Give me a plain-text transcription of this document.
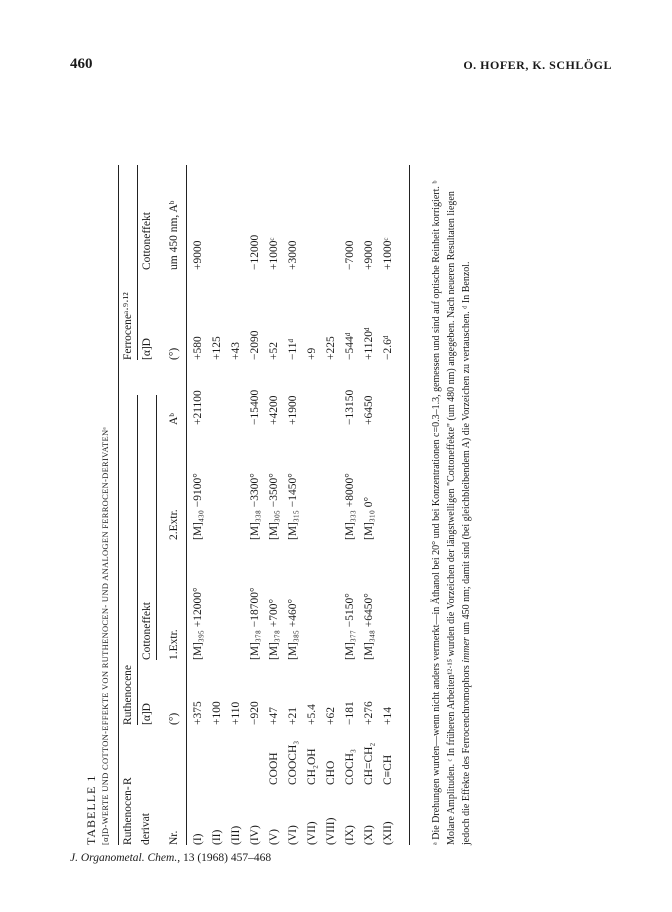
460	O. HOFER, K. SCHLÖGL
J. Organometal. Chem., 13 (1968) 457–468
TABELLE 1 [α]D-WERTE UND COTTON-EFFEKTE VON RUTHENOCEN- UND ANALOGEN FERROCEN-DERIVATENᵃ Ruthenocen- derivat Nr.
R
Ruthenocene [α]D (°)
Cottoneffekt 1.Extr.
2.Extr.
Aᵇ
Ferroceneᵃ·⁹·¹² [α]D (°)
Cottoneffekt um 450 nm, Aᵇ
(I)
+375
[M]₃₉₅ +12000°
[M]₄₃₀ −9100°
+21100
+580
+9000
(II)
+100
+125
(III)
+110
+43
(IV)
−920
[M]₃₇₈ −18700°
[M]₃₃₈ −3300°
−15400
−2090
−12000
(V)
COOH
+47
[M]₃₇₈ +700°
[M]₃₀₅ −3500°
+4200
+52
+1000ᶜ
(VI)
COOCH₃
+21
[M]₃₈₅ +460°
[M]₃₁₅ −1450°
+1900
−11ᵈ
+3000
(VII)
CH₂OH
+5.4
+9
(VIII)
CHO
+62
+225
(IX)
COCH₃
−181
[M]₃₇₇ −5150°
[M]₃₃₃ +8000°
−13150
−544ᵈ
−7000
(XI)
CH=CH₂
+276
[M]₃₄₈ +6450°
[M]₃₁₀ 0°
+6450
+1120ᵈ
+9000
(XII)
C≡CH
+14
−2.6ᵈ
+1000ᶜ	ᵃ Die Drehungen wurden—wenn nicht anders vermerkt—in Äthanol bei 20° und bei Konzentrationen c=0.3–1.3, gemessen und sind auf optische Reinheit korrigiert. ᵇ Molare Amplituden. ᶜ In früheren Arbeiten¹²·¹⁵ wurden die Vorzeichen der längstwelligen "Cottoneffekte" (um 480 nm) angegeben. Nach neueren Resultaten liegen jedoch die Effekte des Ferrocenchromophors immer um 450 nm; damit sind (bei gleichbleibendem A) die Vorzeichen zu vertauschen. ᵈ In Benzol.
